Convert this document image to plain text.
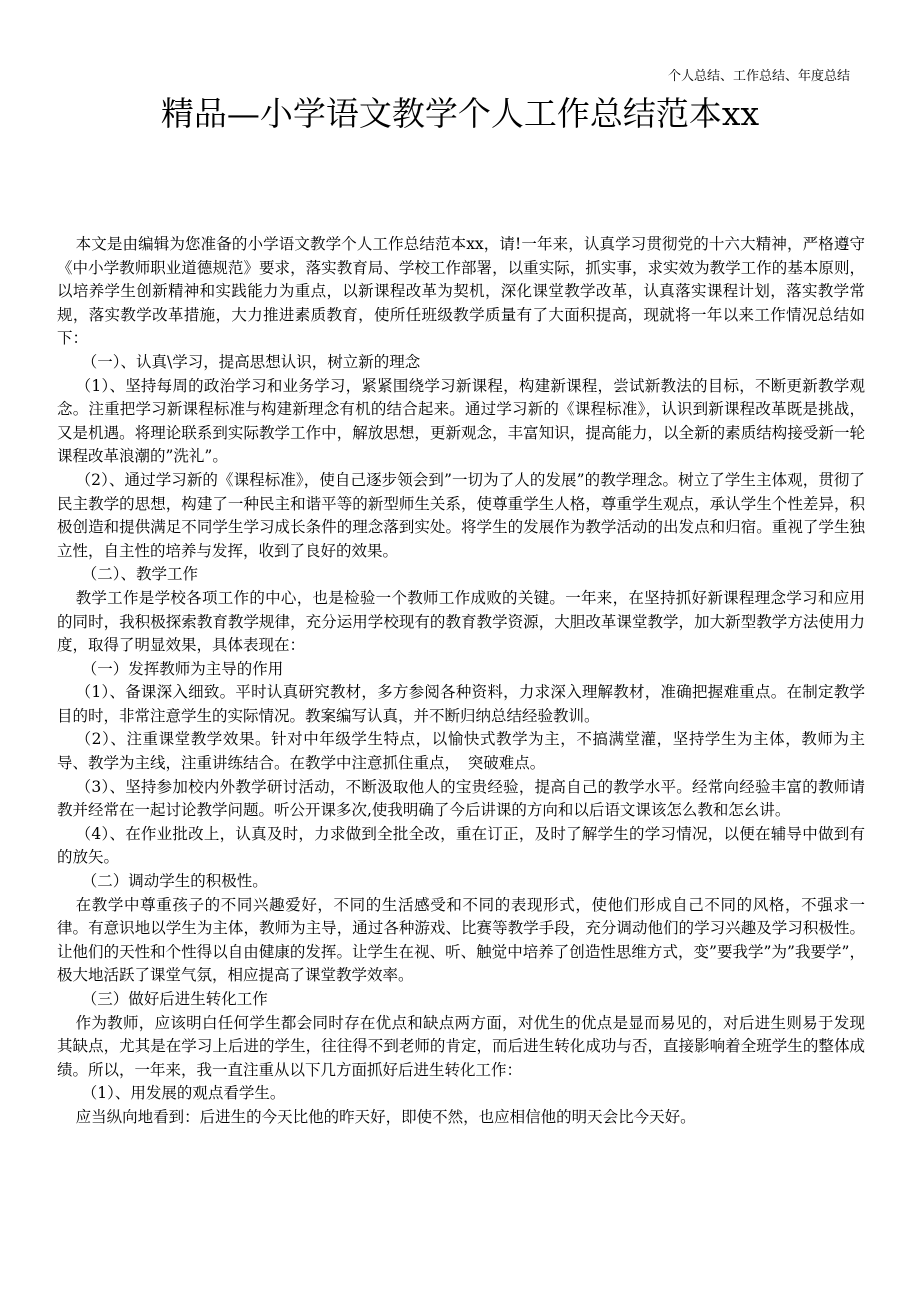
个人总结、工作总结、年度总结
精品—小学语文教学个人工作总结范本xx

本文是由编辑为您准备的小学语文教学个人工作总结范本xx，请!一年来，认真学习贯彻党的十六大精神，严格遵守《中小学教师职业道德规范》要求，落实教育局、学校工作部署，以重实际，抓实事，求实效为教学工作的基本原则，以培养学生创新精神和实践能力为重点，以新课程改革为契机，深化课堂教学改革，认真落实课程计划，落实教学常规，落实教学改革措施，大力推进素质教育，使所任班级教学质量有了大面积提高，现就将一年以来工作情况总结如下：

（一）、认真\学习，提高思想认识，树立新的理念

（1）、坚持每周的政治学习和业务学习，紧紧围绕学习新课程，构建新课程，尝试新教法的目标，不断更新教学观念。注重把学习新课程标准与构建新理念有机的结合起来。通过学习新的《课程标准》，认识到新课程改革既是挑战，又是机遇。将理论联系到实际教学工作中，解放思想，更新观念，丰富知识，提高能力，以全新的素质结构接受新一轮课程改革浪潮的”洗礼”。

（2）、通过学习新的《课程标准》，使自己逐步领会到”一切为了人的发展”的教学理念。树立了学生主体观，贯彻了民主教学的思想，构建了一种民主和谐平等的新型师生关系，使尊重学生人格，尊重学生观点，承认学生个性差异，积极创造和提供满足不同学生学习成长条件的理念落到实处。将学生的发展作为教学活动的出发点和归宿。重视了学生独立性，自主性的培养与发挥，收到了良好的效果。

（二）、教学工作

教学工作是学校各项工作的中心，也是检验一个教师工作成败的关键。一年来，在坚持抓好新课程理念学习和应用的同时，我积极探索教育教学规律，充分运用学校现有的教育教学资源，大胆改革课堂教学，加大新型教学方法使用力度，取得了明显效果，具体表现在：

（一）发挥教师为主导的作用

（1）、备课深入细致。平时认真研究教材，多方参阅各种资料，力求深入理解教材，准确把握难重点。在制定教学目的时，非常注意学生的实际情况。教案编写认真，并不断归纳总结经验教训。

（2）、注重课堂教学效果。针对中年级学生特点，以愉快式教学为主，不搞满堂灌，坚持学生为主体，教师为主导、教学为主线，注重讲练结合。在教学中注意抓住重点，　突破难点。

（3）、坚持参加校内外教学研讨活动，不断汲取他人的宝贵经验，提高自己的教学水平。经常向经验丰富的教师请教并经常在一起讨论教学问题。听公开课多次,使我明确了今后讲课的方向和以后语文课该怎么教和怎幺讲。

（4）、在作业批改上，认真及时，力求做到全批全改，重在订正，及时了解学生的学习情况，以便在辅导中做到有的放矢。

（二）调动学生的积极性。

在教学中尊重孩子的不同兴趣爱好，不同的生活感受和不同的表现形式，使他们形成自己不同的风格，不强求一律。有意识地以学生为主体，教师为主导，通过各种游戏、比赛等教学手段，充分调动他们的学习兴趣及学习积极性。让他们的天性和个性得以自由健康的发挥。让学生在视、听、触觉中培养了创造性思维方式，变”要我学”为”我要学”，极大地活跃了课堂气氛，相应提高了课堂教学效率。

（三）做好后进生转化工作

作为教师，应该明白任何学生都会同时存在优点和缺点两方面，对优生的优点是显而易见的，对后进生则易于发现其缺点，尤其是在学习上后进的学生，往往得不到老师的肯定，而后进生转化成功与否，直接影响着全班学生的整体成绩。所以，一年来，我一直注重从以下几方面抓好后进生转化工作：

（1）、用发展的观点看学生。

应当纵向地看到：后进生的今天比他的昨天好，即使不然，也应相信他的明天会比今天好。
